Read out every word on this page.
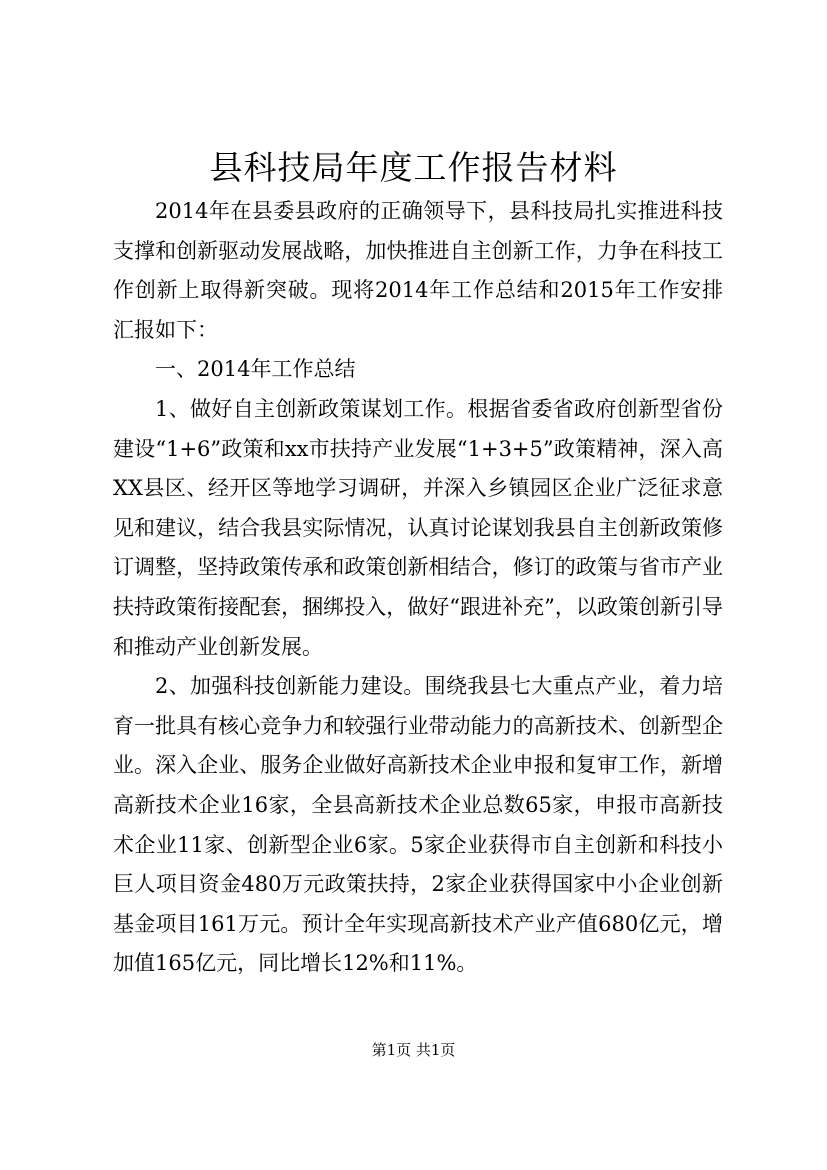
县科技局年度工作报告材料

2014年在县委县政府的正确领导下，县科技局扎实推进科技支撑和创新驱动发展战略，加快推进自主创新工作，力争在科技工作创新上取得新突破。现将2014年工作总结和2015年工作安排汇报如下：

一、2014年工作总结

1、做好自主创新政策谋划工作。根据省委省政府创新型省份建设“1+6”政策和xx市扶持产业发展“1+3+5”政策精神，深入高XX县区、经开区等地学习调研，并深入乡镇园区企业广泛征求意见和建议，结合我县实际情况，认真讨论谋划我县自主创新政策修订调整，坚持政策传承和政策创新相结合，修订的政策与省市产业扶持政策衔接配套，捆绑投入，做好“跟进补充”，以政策创新引导和推动产业创新发展。

2、加强科技创新能力建设。围绕我县七大重点产业，着力培育一批具有核心竞争力和较强行业带动能力的高新技术、创新型企业。深入企业、服务企业做好高新技术企业申报和复审工作，新增高新技术企业16家，全县高新技术企业总数65家，申报市高新技术企业11家、创新型企业6家。5家企业获得市自主创新和科技小巨人项目资金480万元政策扶持，2家企业获得国家中小企业创新基金项目161万元。预计全年实现高新技术产业产值680亿元，增加值165亿元，同比增长12%和11%。

第1页 共1页
